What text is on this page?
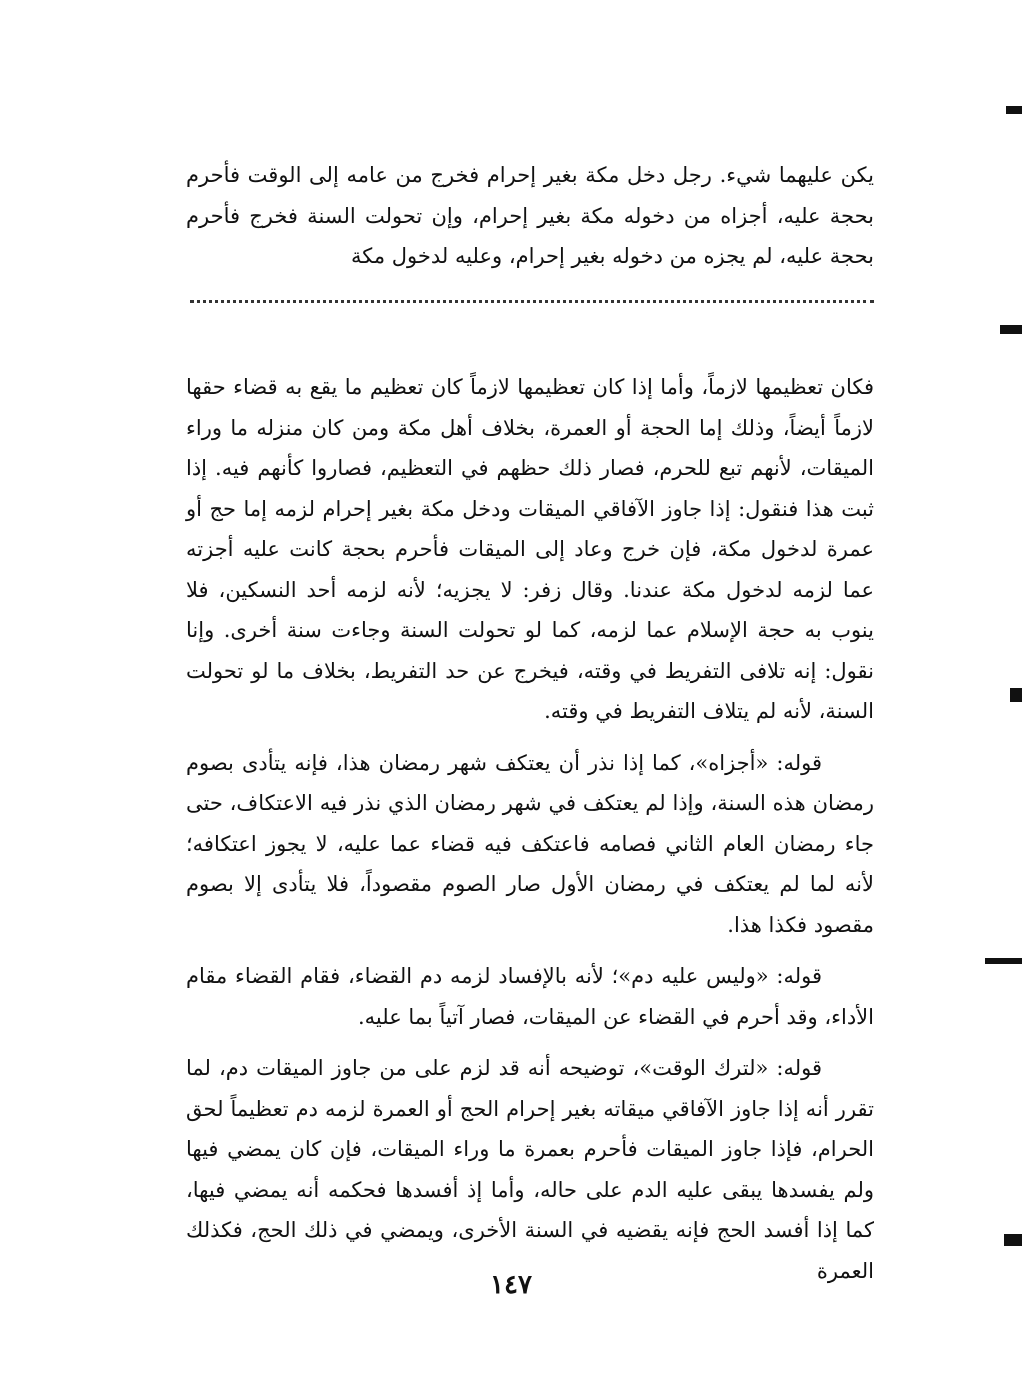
يكن عليهما شيء. رجل دخل مكة بغير إحرام فخرج من عامه إلى الوقت فأحرم بحجة عليه، أجزاه من دخوله مكة بغير إحرام، وإن تحولت السنة فخرج فأحرم بحجة عليه، لم يجزه من دخوله بغير إحرام، وعليه لدخول مكة

فكان تعظيمها لازماً، وأما إذا كان تعظيمها لازماً كان تعظيم ما يقع به قضاء حقها لازماً أيضاً، وذلك إما الحجة أو العمرة، بخلاف أهل مكة ومن كان منزله ما وراء الميقات، لأنهم تبع للحرم، فصار ذلك حظهم في التعظيم، فصاروا كأنهم فيه. إذا ثبت هذا فنقول: إذا جاوز الآفاقي الميقات ودخل مكة بغير إحرام لزمه إما حج أو عمرة لدخول مكة، فإن خرج وعاد إلى الميقات فأحرم بحجة كانت عليه أجزته عما لزمه لدخول مكة عندنا. وقال زفر: لا يجزيه؛ لأنه لزمه أحد النسكين، فلا ينوب به حجة الإسلام عما لزمه، كما لو تحولت السنة وجاءت سنة أخرى. وإنا نقول: إنه تلافى التفريط في وقته، فيخرج عن حد التفريط، بخلاف ما لو تحولت السنة، لأنه لم يتلاف التفريط في وقته.

قوله: «أجزاه»، كما إذا نذر أن يعتكف شهر رمضان هذا، فإنه يتأدى بصوم رمضان هذه السنة، وإذا لم يعتكف في شهر رمضان الذي نذر فيه الاعتكاف، حتى جاء رمضان العام الثاني فصامه فاعتكف فيه قضاء عما عليه، لا يجوز اعتكافه؛ لأنه لما لم يعتكف في رمضان الأول صار الصوم مقصوداً، فلا يتأدى إلا بصوم مقصود فكذا هذا.

قوله: «وليس عليه دم»؛ لأنه بالإفساد لزمه دم القضاء، فقام القضاء مقام الأداء، وقد أحرم في القضاء عن الميقات، فصار آتياً بما عليه.

قوله: «لترك الوقت»، توضيحه أنه قد لزم على من جاوز الميقات دم، لما تقرر أنه إذا جاوز الآفاقي ميقاته بغير إحرام الحج أو العمرة لزمه دم تعظيماً لحق الحرام، فإذا جاوز الميقات فأحرم بعمرة ما وراء الميقات، فإن كان يمضي فيها ولم يفسدها يبقى عليه الدم على حاله، وأما إذ أفسدها فحكمه أنه يمضي فيها، كما إذا أفسد الحج فإنه يقضيه في السنة الأخرى، ويمضي في ذلك الحج، فكذلك العمرة

١٤٧
